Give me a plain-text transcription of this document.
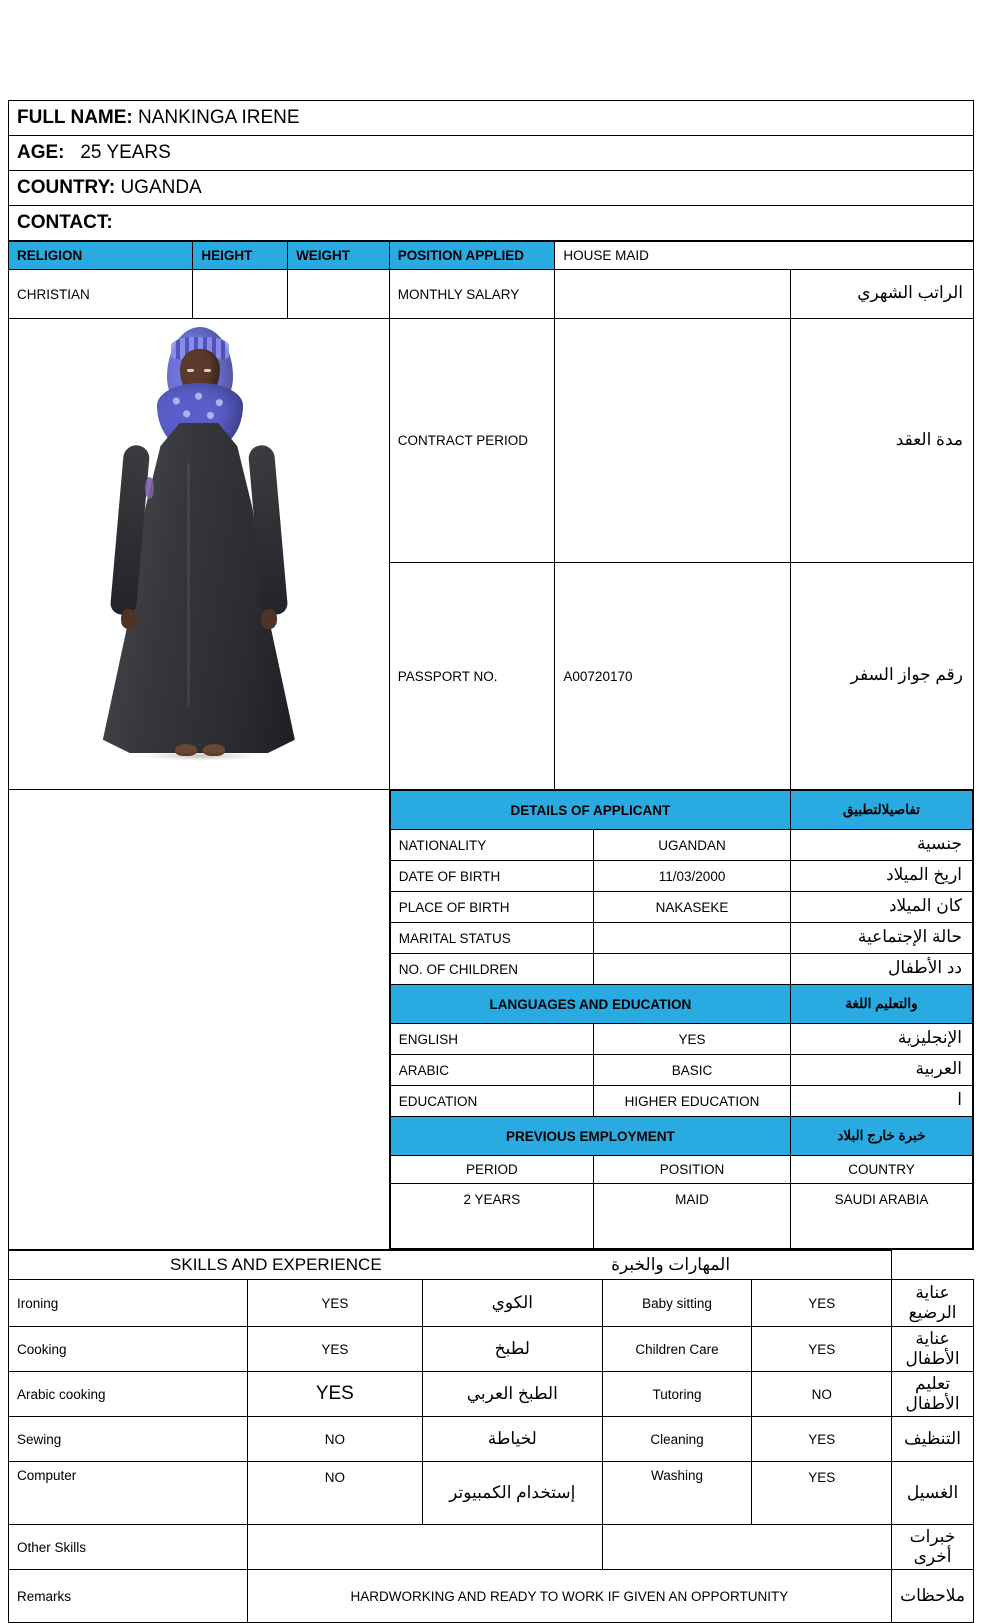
FULL NAME: NANKINGA IRENE
AGE: 25 YEARS
COUNTRY: UGANDA
CONTACT:
RELIGION	HEIGHT	WEIGHT	POSITION APPLIED	HOUSE MAID
CHRISTIAN			MONTHLY SALARY		الراتب الشهري

	CONTRACT PERIOD		مدة العقد
PASSPORT NO.	A00720170	رقم جواز السفر

DETAILS OF APPLICANT	تفاصيلالتطبيق
NATIONALITY	UGANDAN	جنسية
DATE OF BIRTH	11/03/2000	اريخ الميلاد
PLACE OF BIRTH	NAKASEKE	كان الميلاد
MARITAL STATUS		حالة الإجتماعية
NO. OF CHILDREN		دد الأطفال
LANGUAGES AND EDUCATION	والتعليم اللغة
ENGLISH	YES	الإنجليزية
ARABIC	BASIC	العربية
EDUCATION	HIGHER EDUCATION	ا
PREVIOUS EMPLOYMENT	خبرة خارج البلاد
PERIOD	POSITION	COUNTRY
2 YEARS	MAID	SAUDI ARABIA
SKILLS AND EXPERIENCE المهارات والخبرة					
Ironing	YES	الكوي	Baby sitting	YES	عناية الرضيع
Cooking	YES	لطبخ	Children Care	YES	عناية الأطفال
Arabic cooking	YES	الطبخ العربي	Tutoring	NO	تعليم الأطفال
Sewing	NO	لخياطة	Cleaning	YES	التنظيف
Computer	NO	إستخدام الكمبيوتر	Washing	YES	الغسيل
Other Skills					خبرات أخرى
Remarks	HARDWORKING AND READY TO WORK IF GIVEN AN OPPORTUNITY				ملاحظات
